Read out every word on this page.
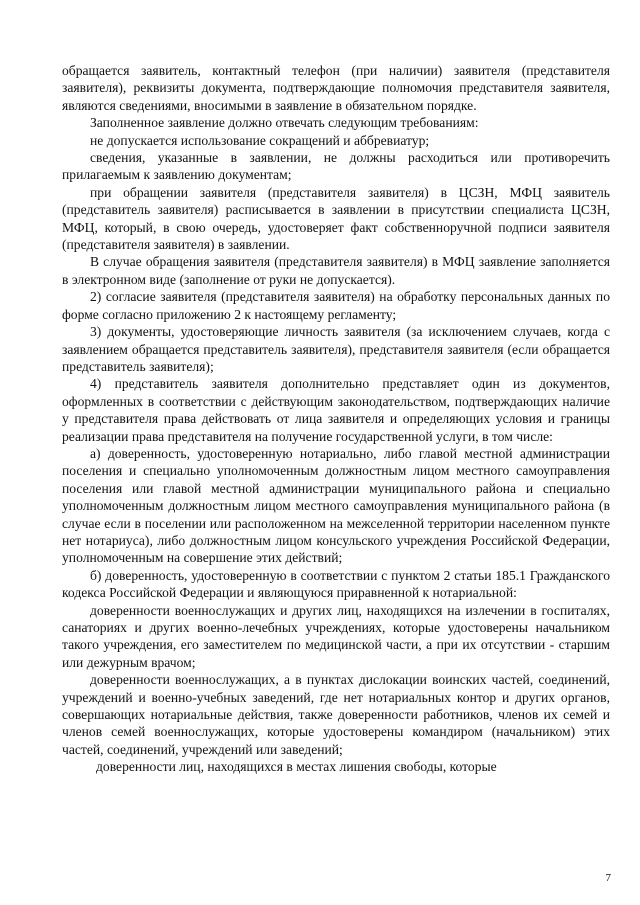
обращается заявитель, контактный телефон (при наличии) заявителя (представителя заявителя), реквизиты документа, подтверждающие полномочия представителя заявителя, являются сведениями, вносимыми в заявление в обязательном порядке.

Заполненное заявление должно отвечать следующим требованиям:

не допускается использование сокращений и аббревиатур;

сведения, указанные в заявлении, не должны расходиться или противоречить прилагаемым к заявлению документам;

при обращении заявителя (представителя заявителя) в ЦСЗН, МФЦ заявитель (представитель заявителя) расписывается в заявлении в присутствии специалиста ЦСЗН, МФЦ, который, в свою очередь, удостоверяет факт собственноручной подписи заявителя (представителя заявителя) в заявлении.

В случае обращения заявителя (представителя заявителя) в МФЦ заявление заполняется в электронном виде (заполнение от руки не допускается).

2) согласие заявителя (представителя заявителя) на обработку персональных данных по форме согласно приложению 2 к настоящему регламенту;

3) документы, удостоверяющие личность заявителя (за исключением случаев, когда с заявлением обращается представитель заявителя), представителя заявителя (если обращается представитель заявителя);

4) представитель заявителя дополнительно представляет один из документов, оформленных в соответствии с действующим законодательством, подтверждающих наличие у представителя права действовать от лица заявителя и определяющих условия и границы реализации права представителя на получение государственной услуги, в том числе:

а) доверенность, удостоверенную нотариально, либо главой местной администрации поселения и специально уполномоченным должностным лицом местного самоуправления поселения или главой местной администрации муниципального района и специально уполномоченным должностным лицом местного самоуправления муниципального района (в случае если в поселении или расположенном на межселенной территории населенном пункте нет нотариуса), либо должностным лицом консульского учреждения Российской Федерации, уполномоченным на совершение этих действий;

б) доверенность, удостоверенную в соответствии с пунктом 2 статьи 185.1 Гражданского кодекса Российской Федерации и являющуюся приравненной к нотариальной:

доверенности военнослужащих и других лиц, находящихся на излечении в госпиталях, санаториях и других военно-лечебных учреждениях, которые удостоверены начальником такого учреждения, его заместителем по медицинской части, а при их отсутствии - старшим или дежурным врачом;

доверенности военнослужащих, а в пунктах дислокации воинских частей, соединений, учреждений и военно-учебных заведений, где нет нотариальных контор и других органов, совершающих нотариальные действия, также доверенности работников, членов их семей и членов семей военнослужащих, которые удостоверены командиром (начальником) этих частей, соединений, учреждений или заведений;

доверенности лиц, находящихся в местах лишения свободы, которые

7
